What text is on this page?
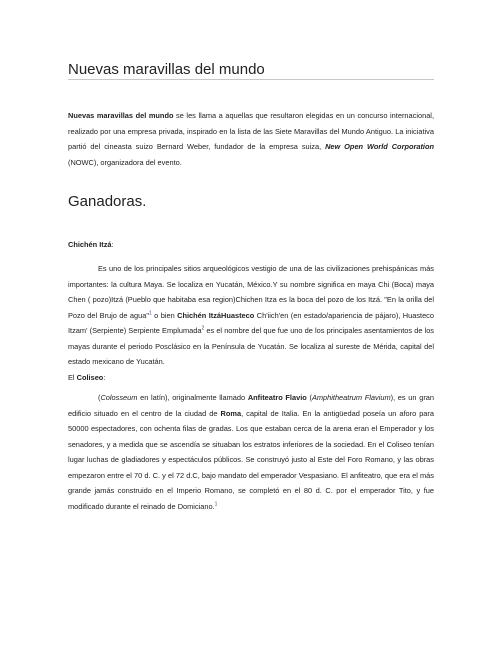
Nuevas maravillas del mundo

Nuevas maravillas del mundo se les llama a aquellas que resultaron elegidas en un concurso internacional, realizado por una empresa privada, inspirado en la lista de las Siete Maravillas del Mundo Antiguo. La iniciativa partió del cineasta suizo Bernard Weber, fundador de la empresa suiza, New Open World Corporation (NOWC), organizadora del evento.

Ganadoras.

Chichén Itzá:

Es uno de los principales sitios arqueológicos vestigio de una de las civilizaciones prehispánicas más importantes: la cultura Maya. Se localiza en Yucatán, México.Y su nombre significa en maya Chi (Boca) maya Chen ( pozo)Itzá (Pueblo que habitaba esa region)Chichen Itza es la boca del pozo de los Itzá. "En la orilla del Pozo del Brujo de agua"$^1$ o bien Chichén ItzáHuasteco Ch'iich'en (en estado/apariencia de pájaro), Huasteco Itzam' (Serpiente) Serpiente Emplumada$^2$ es el nombre del que fue uno de los principales asentamientos de los mayas durante el periodo Posclásico en la Península de Yucatán. Se localiza al sureste de Mérida, capital del estado mexicano de Yucatán.

El Coliseo:

(Colosseum en latín), originalmente llamado Anfiteatro Flavio (Amphitheatrum Flavium), es un gran edificio situado en el centro de la ciudad de Roma, capital de Italia. En la antigüedad poseía un aforo para 50000 espectadores, con ochenta filas de gradas. Los que estaban cerca de la arena eran el Emperador y los senadores, y a medida que se ascendía se situaban los estratos inferiores de la sociedad. En el Coliseo tenían lugar luchas de gladiadores y espectáculos públicos. Se construyó justo al Este del Foro Romano, y las obras empezaron entre el 70 d. C. y el 72 d.C, bajo mandato del emperador Vespasiano. El anfiteatro, que era el más grande jamás construido en el Imperio Romano, se completó en el 80 d. C. por el emperador Tito, y fue modificado durante el reinado de Domiciano.$^1$
